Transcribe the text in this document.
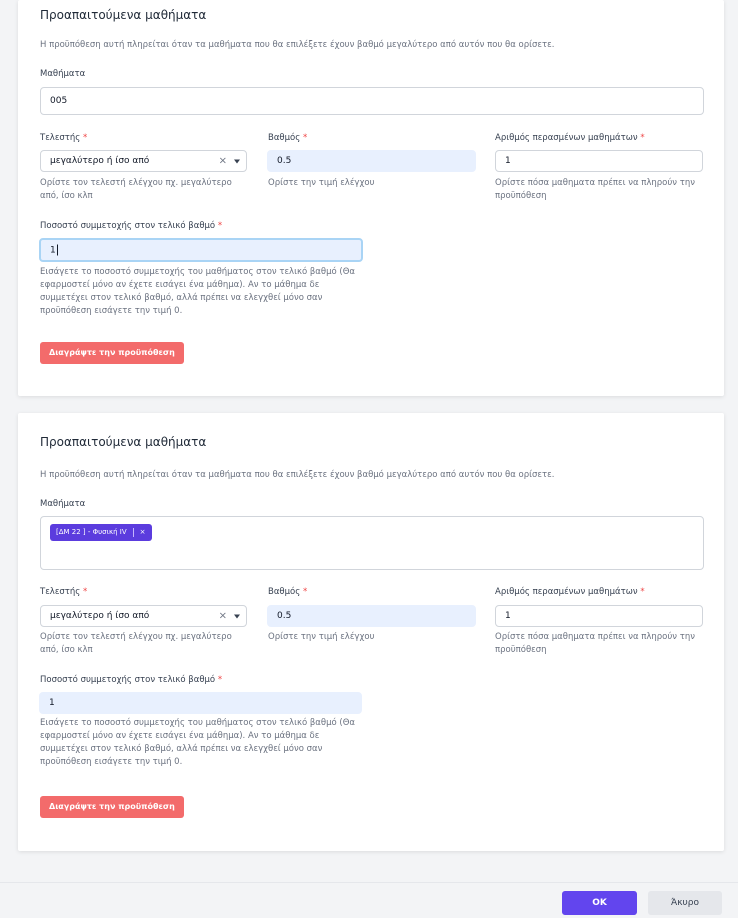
Προαπαιτούμενα μαθήματα
Η προϋπόθεση αυτή πληρείται όταν τα μαθήματα που θα επιλέξετε έχουν βαθμό μεγαλύτερο από αυτόν που θα ορίσετε.
Μαθήματα
005
Τελεστής *
μεγαλύτερο ή ίσο από	×
Ορίστε τον τελεστή ελέγχου πχ. μεγαλύτερο από, ίσο κλπ
Βαθμός *
0.5
Ορίστε την τιμή ελέγχου
Αριθμός περασμένων μαθημάτων *
1
Ορίστε πόσα μαθηματα πρέπει να πληρούν την προϋπόθεση
Ποσοστό συμμετοχής στον τελικό βαθμό *
1
Εισάγετε το ποσοστό συμμετοχής του μαθήματος στον τελικό βαθμό (Θα εφαρμοστεί μόνο αν έχετε εισάγει ένα μάθημα). Αν το μάθημα δε συμμετέχει στον τελικό βαθμό, αλλά πρέπει να ελεγχθεί μόνο σαν προϋπόθεση εισάγετε την τιμή 0.
Διαγράψτε την προϋπόθεση
Προαπαιτούμενα μαθήματα
Η προϋπόθεση αυτή πληρείται όταν τα μαθήματα που θα επιλέξετε έχουν βαθμό μεγαλύτερο από αυτόν που θα ορίσετε.
Μαθήματα
[ΔΜ 22 ] - Φυσική IV ×
Τελεστής *
μεγαλύτερο ή ίσο από	×
Ορίστε τον τελεστή ελέγχου πχ. μεγαλύτερο από, ίσο κλπ
Βαθμός *
0.5
Ορίστε την τιμή ελέγχου
Αριθμός περασμένων μαθημάτων *
1
Ορίστε πόσα μαθηματα πρέπει να πληρούν την προϋπόθεση
Ποσοστό συμμετοχής στον τελικό βαθμό *
1
Εισάγετε το ποσοστό συμμετοχής του μαθήματος στον τελικό βαθμό (Θα εφαρμοστεί μόνο αν έχετε εισάγει ένα μάθημα). Αν το μάθημα δε συμμετέχει στον τελικό βαθμό, αλλά πρέπει να ελεγχθεί μόνο σαν προϋπόθεση εισάγετε την τιμή 0.
Διαγράψτε την προϋπόθεση
OK	Άκυρο
